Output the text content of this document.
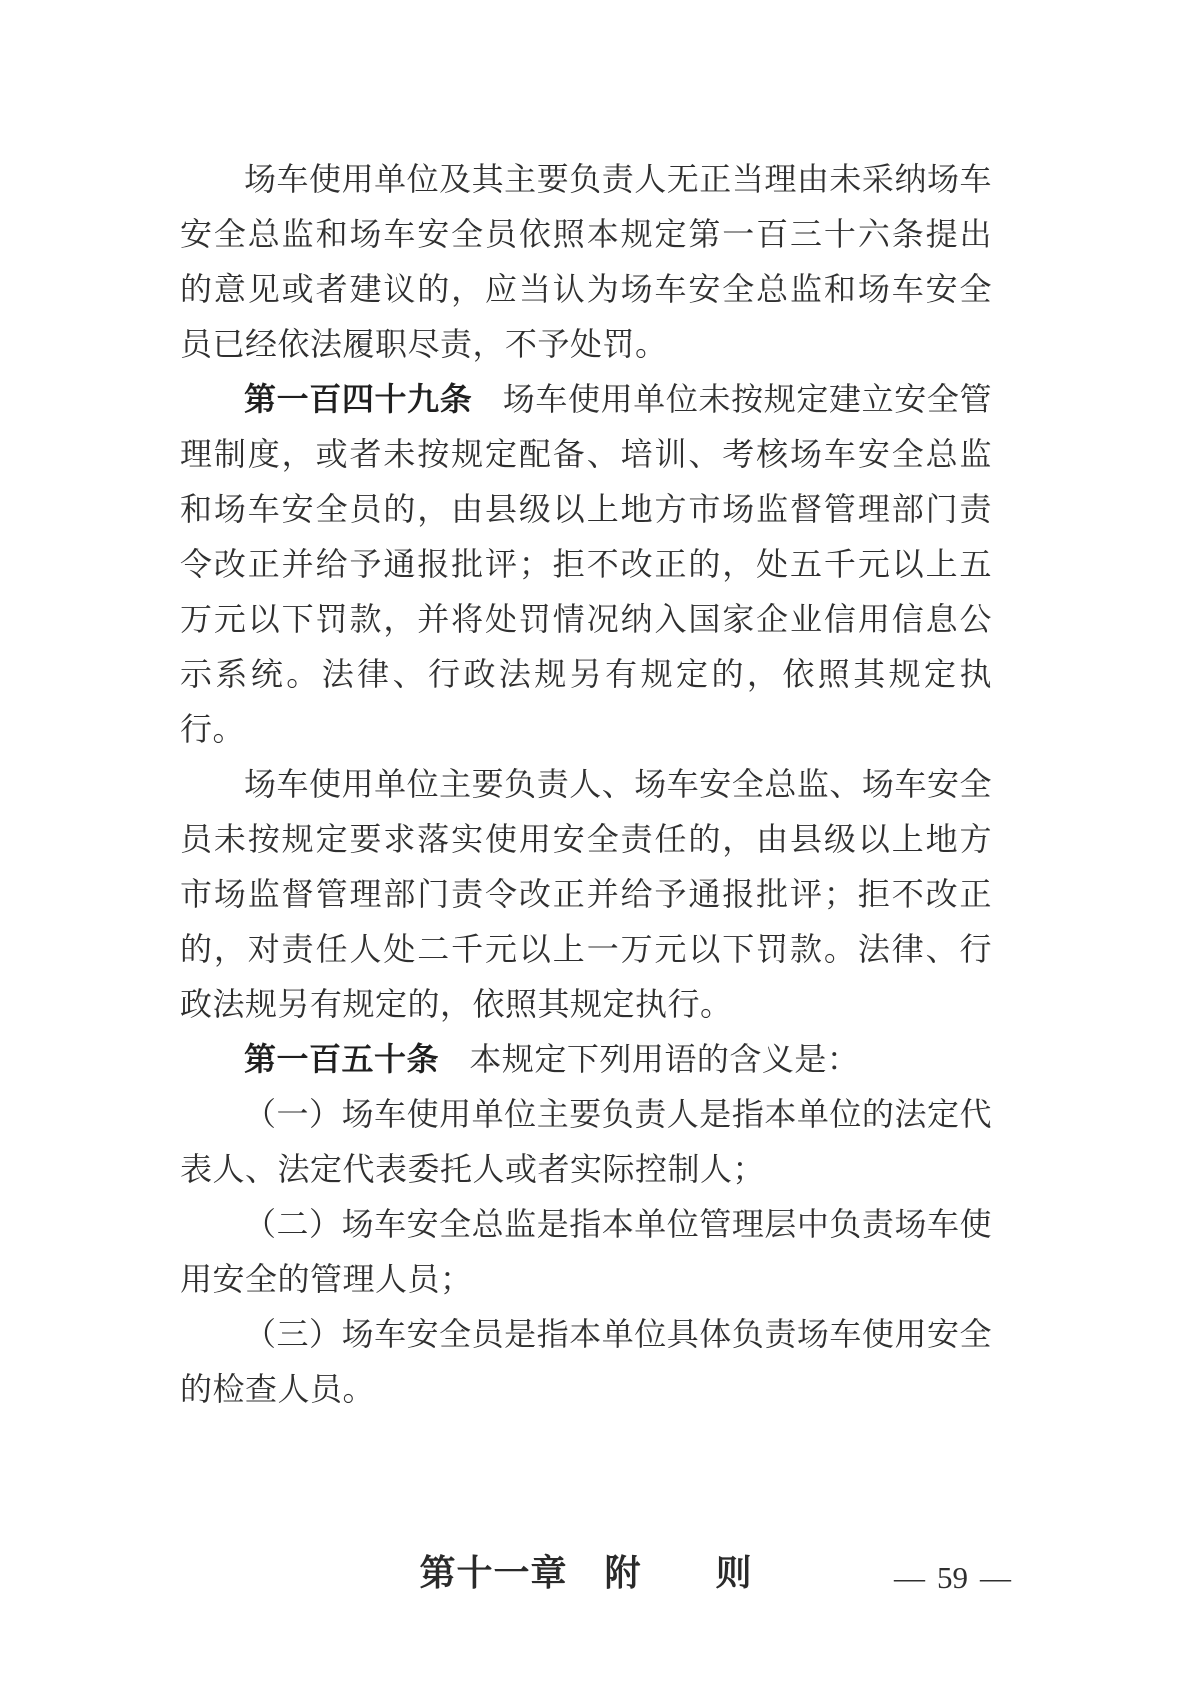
场车使用单位及其主要负责人无正当理由未采纳场车安全总监和场车安全员依照本规定第一百三十六条提出的意见或者建议的，应当认为场车安全总监和场车安全员已经依法履职尽责，不予处罚。

第一百四十九条 场车使用单位未按规定建立安全管理制度，或者未按规定配备、培训、考核场车安全总监和场车安全员的，由县级以上地方市场监督管理部门责令改正并给予通报批评；拒不改正的，处五千元以上五万元以下罚款，并将处罚情况纳入国家企业信用信息公示系统。法律、行政法规另有规定的，依照其规定执行。

场车使用单位主要负责人、场车安全总监、场车安全员未按规定要求落实使用安全责任的，由县级以上地方市场监督管理部门责令改正并给予通报批评；拒不改正的，对责任人处二千元以上一万元以下罚款。法律、行政法规另有规定的，依照其规定执行。

第一百五十条 本规定下列用语的含义是：

（一）场车使用单位主要负责人是指本单位的法定代表人、法定代表委托人或者实际控制人；

（二）场车安全总监是指本单位管理层中负责场车使用安全的管理人员；

（三）场车安全员是指本单位具体负责场车使用安全的检查人员。

第十一章　附　　则	— 59 —
